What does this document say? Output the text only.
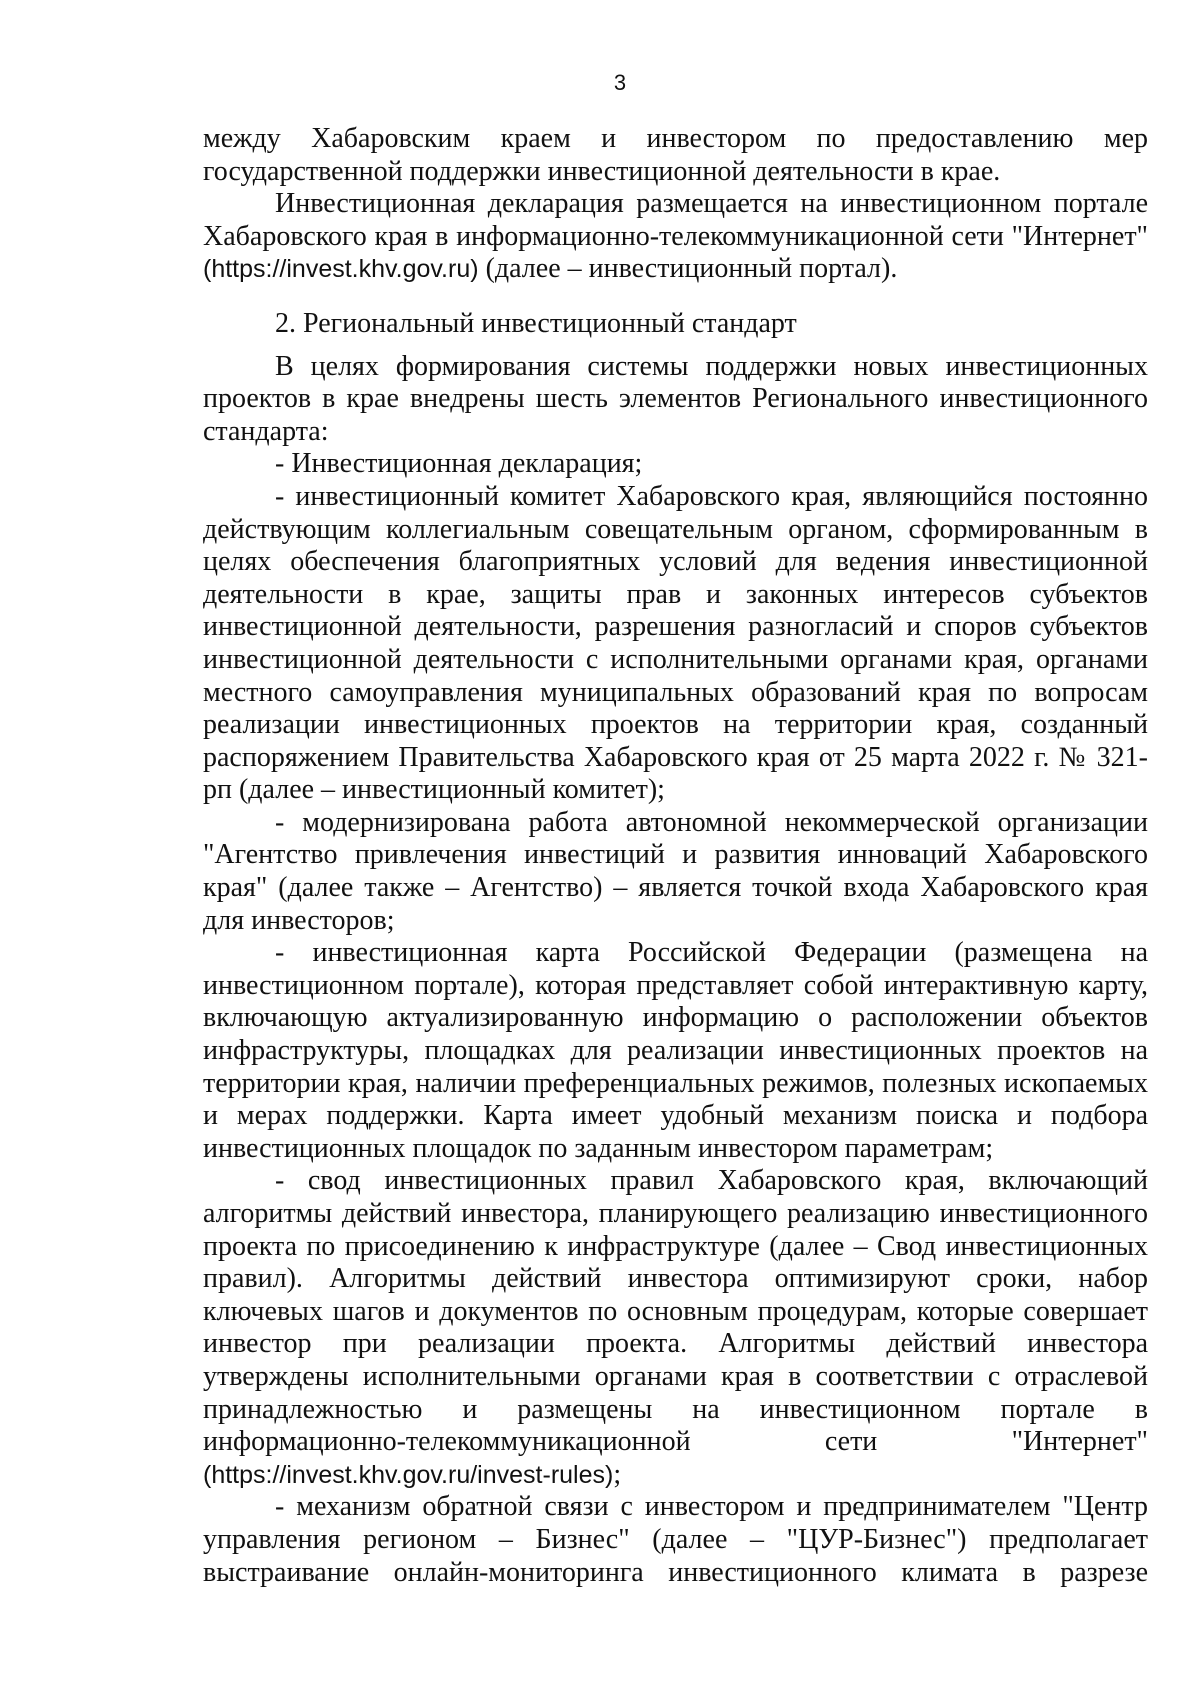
3

между Хабаровским краем и инвестором по предоставлению мер государственной поддержки инвестиционной деятельности в крае.

Инвестиционная декларация размещается на инвестиционном портале Хабаровского края в информационно-телекоммуникационной сети "Интернет" (https://invest.khv.gov.ru) (далее – инвестиционный портал).

2. Региональный инвестиционный стандарт

В целях формирования системы поддержки новых инвестиционных проектов в крае внедрены шесть элементов Регионального инвестиционного стандарта:

- Инвестиционная декларация;

- инвестиционный комитет Хабаровского края, являющийся постоянно действующим коллегиальным совещательным органом, сформированным в целях обеспечения благоприятных условий для ведения инвестиционной деятельности в крае, защиты прав и законных интересов субъектов инвестиционной деятельности, разрешения разногласий и споров субъектов инвестиционной деятельности с исполнительными органами края, органами местного самоуправления муниципальных образований края по вопросам реализации инвестиционных проектов на территории края, созданный распоряжением Правительства Хабаровского края от 25 марта 2022 г. № 321-рп (далее – инвестиционный комитет);

- модернизирована работа автономной некоммерческой организации "Агентство привлечения инвестиций и развития инноваций Хабаровского края" (далее также – Агентство) – является точкой входа Хабаровского края для инвесторов;

- инвестиционная карта Российской Федерации (размещена на инвестиционном портале), которая представляет собой интерактивную карту, включающую актуализированную информацию о расположении объектов инфраструктуры, площадках для реализации инвестиционных проектов на территории края, наличии преференциальных режимов, полезных ископаемых и мерах поддержки. Карта имеет удобный механизм поиска и подбора инвестиционных площадок по заданным инвестором параметрам;

- свод инвестиционных правил Хабаровского края, включающий алгоритмы действий инвестора, планирующего реализацию инвестиционного проекта по присоединению к инфраструктуре (далее – Свод инвестиционных правил). Алгоритмы действий инвестора оптимизируют сроки, набор ключевых шагов и документов по основным процедурам, которые совершает инвестор при реализации проекта. Алгоритмы действий инвестора утверждены исполнительными органами края в соответствии с отраслевой принадлежностью и размещены на инвестиционном портале в информационно-телекоммуникационной сети "Интернет" (https://invest.khv.gov.ru/invest-rules);

- механизм обратной связи с инвестором и предпринимателем "Центр управления регионом – Бизнес" (далее – "ЦУР-Бизнес") предполагает выстраивание онлайн-мониторинга инвестиционного климата в разрезе
